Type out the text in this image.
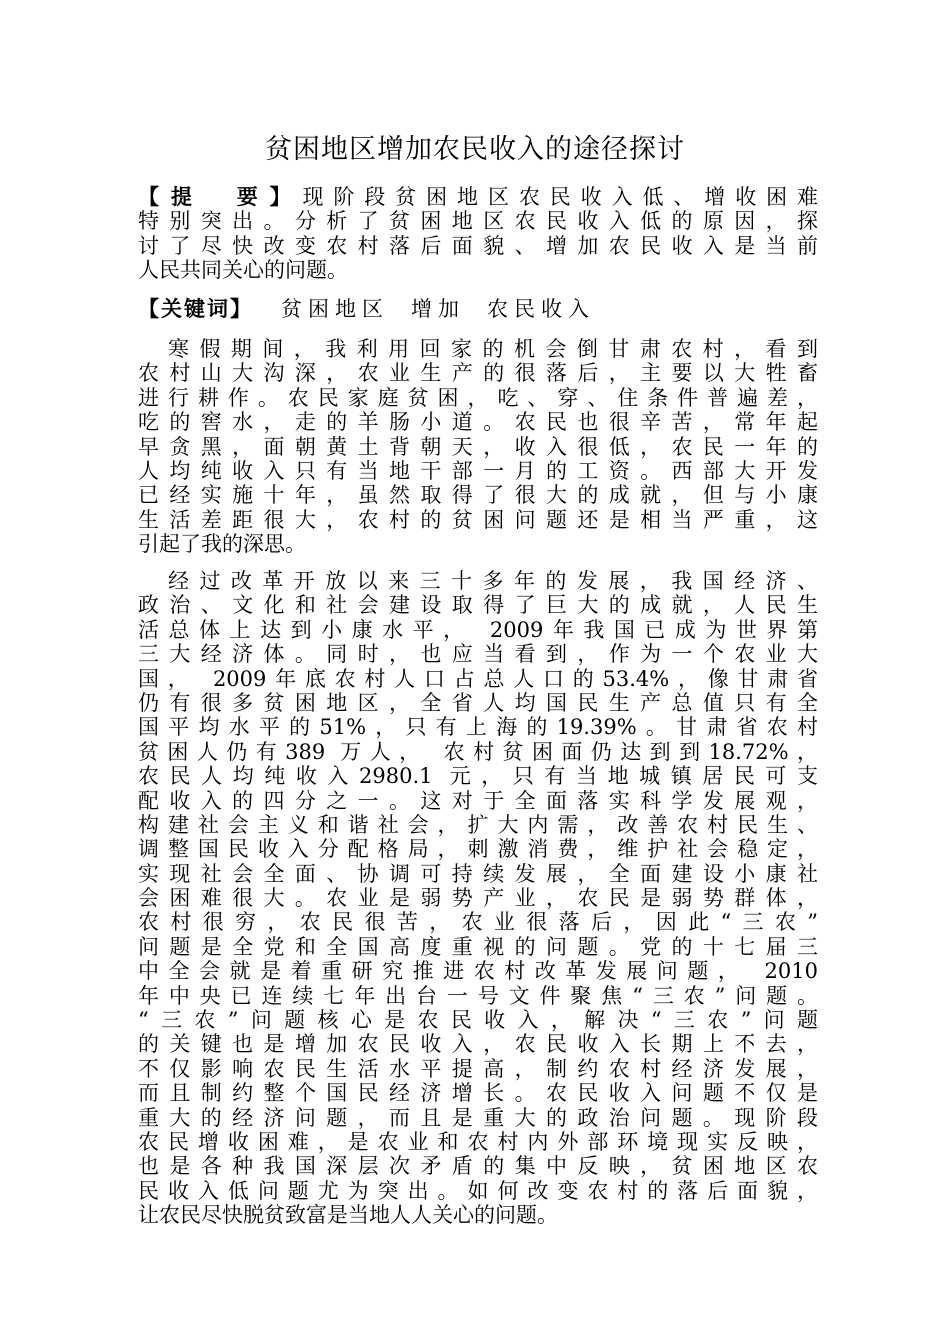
贫困地区增加农民收入的途径探讨
【提　要】现阶段贫困地区农民收入低、增收困难
特别突出。分析了贫困地区农民收入低的原因，探
讨了尽快改变农村落后面貌、增加农民收入是当前
人民共同关心的问题。
【关键词】 贫困地区 增加 农民收入
寒假期间，我利用回家的机会倒甘肃农村，看到
农村山大沟深，农业生产的很落后，主要以大牲畜
进行耕作。农民家庭贫困，吃、穿、住条件普遍差，
吃的窖水，走的羊肠小道。农民也很辛苦，常年起
早贪黑，面朝黄土背朝天，收入很低，农民一年的
人均纯收入只有当地干部一月的工资。西部大开发
已经实施十年，虽然取得了很大的成就，但与小康
生活差距很大，农村的贫困问题还是相当严重，这
引起了我的深思。
经过改革开放以来三十多年的发展，我国经济、
政治、文化和社会建设取得了巨大的成就，人民生
活总体上达到小康水平， 2009年我国已成为世界第
三大经济体。同时，也应当看到，作为一个农业大
国， 2009年底农村人口占总人口的53.4%，像甘肃省
仍有很多贫困地区，全省人均国民生产总值只有全
国平均水平的51%，只有上海的19.39%。甘肃省农村
贫困人仍有389 万人， 农村贫困面仍达到到18.72%，
农民人均纯收入2980.1 元，只有当地城镇居民可支
配收入的四分之一。这对于全面落实科学发展观，
构建社会主义和谐社会，扩大内需，改善农村民生、
调整国民收入分配格局，刺激消费，维护社会稳定，
实现社会全面、协调可持续发展，全面建设小康社
会困难很大。农业是弱势产业，农民是弱势群体，
农村很穷，农民很苦，农业很落后，因此“三农”
问题是全党和全国高度重视的问题。党的十七届三
中全会就是着重研究推进农村改革发展问题， 2010
年中央已连续七年出台一号文件聚焦“三农”问题。
“三农”问题核心是农民收入，解决“三农”问题
的关键也是增加农民收入，农民收入长期上不去，
不仅影响农民生活水平提高，制约农村经济发展，
而且制约整个国民经济增长。农民收入问题不仅是
重大的经济问题，而且是重大的政治问题。现阶段
农民增收困难，是农业和农村内外部环境现实反映，
也是各种我国深层次矛盾的集中反映，贫困地区农
民收入低问题尤为突出。如何改变农村的落后面貌，
让农民尽快脱贫致富是当地人人关心的问题。
